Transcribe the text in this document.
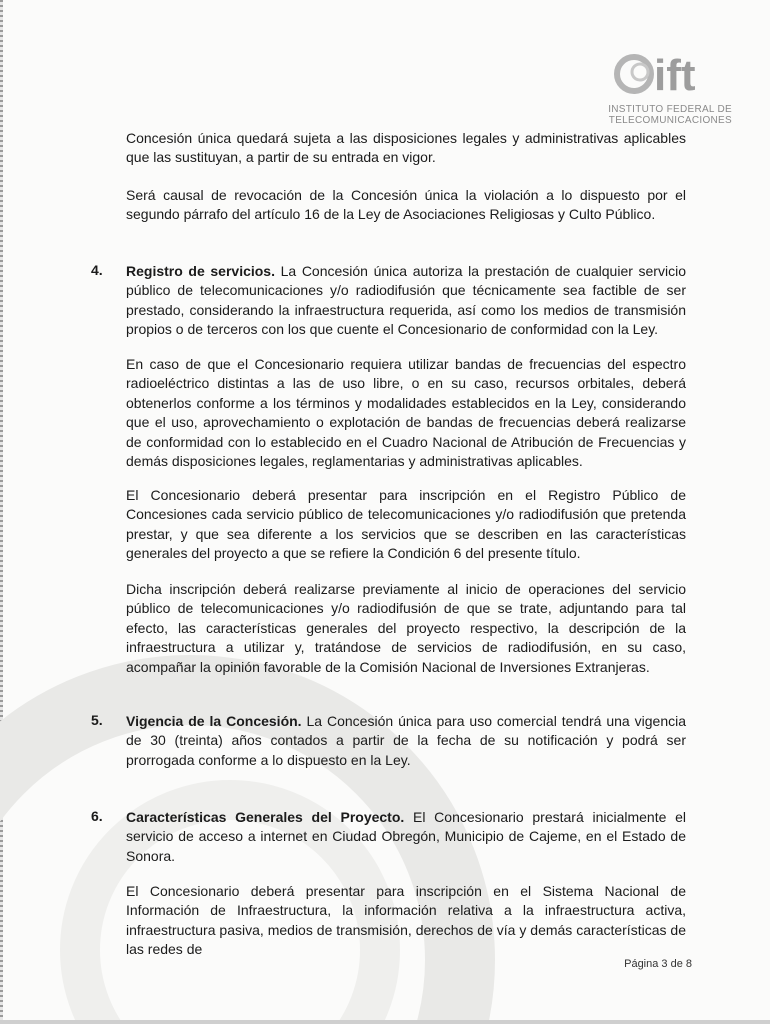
ift
INSTITUTO FEDERAL DE
TELECOMUNICACIONES
Concesión única quedará sujeta a las disposiciones legales y administrativas aplicables que las sustituyan, a partir de su entrada en vigor.
Será causal de revocación de la Concesión única la violación a lo dispuesto por el segundo párrafo del artículo 16 de la Ley de Asociaciones Religiosas y Culto Público.
4. Registro de servicios. La Concesión única autoriza la prestación de cualquier servicio público de telecomunicaciones y/o radiodifusión que técnicamente sea factible de ser prestado, considerando la infraestructura requerida, así como los medios de transmisión propios o de terceros con los que cuente el Concesionario de conformidad con la Ley.
En caso de que el Concesionario requiera utilizar bandas de frecuencias del espectro radioeléctrico distintas a las de uso libre, o en su caso, recursos orbitales, deberá obtenerlos conforme a los términos y modalidades establecidos en la Ley, considerando que el uso, aprovechamiento o explotación de bandas de frecuencias deberá realizarse de conformidad con lo establecido en el Cuadro Nacional de Atribución de Frecuencias y demás disposiciones legales, reglamentarias y administrativas aplicables.
El Concesionario deberá presentar para inscripción en el Registro Público de Concesiones cada servicio público de telecomunicaciones y/o radiodifusión que pretenda prestar, y que sea diferente a los servicios que se describen en las características generales del proyecto a que se refiere la Condición 6 del presente título.
Dicha inscripción deberá realizarse previamente al inicio de operaciones del servicio público de telecomunicaciones y/o radiodifusión de que se trate, adjuntando para tal efecto, las características generales del proyecto respectivo, la descripción de la infraestructura a utilizar y, tratándose de servicios de radiodifusión, en su caso, acompañar la opinión favorable de la Comisión Nacional de Inversiones Extranjeras.
5. Vigencia de la Concesión. La Concesión única para uso comercial tendrá una vigencia de 30 (treinta) años contados a partir de la fecha de su notificación y podrá ser prorrogada conforme a lo dispuesto en la Ley.
6. Características Generales del Proyecto. El Concesionario prestará inicialmente el servicio de acceso a internet en Ciudad Obregón, Municipio de Cajeme, en el Estado de Sonora.
El Concesionario deberá presentar para inscripción en el Sistema Nacional de Información de Infraestructura, la información relativa a la infraestructura activa, infraestructura pasiva, medios de transmisión, derechos de vía y demás características de las redes de
Página 3 de 8
